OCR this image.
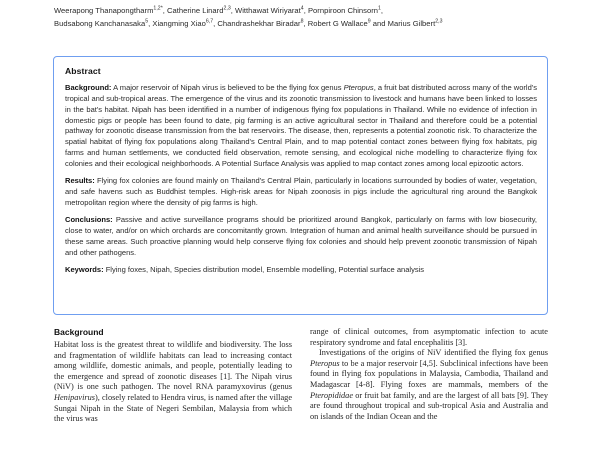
Weerapong Thanapongtharm$^{1,2*}$, Catherine Linard$^{2,3}$, Witthawat Wiriyarat$^4$, Pornpiroon Chinsorn$^1$,
Budsabong Kanchanasaka$^5$, Xiangming Xiao$^{6,7}$, Chandrashekhar Biradar$^8$, Robert G Wallace$^9$ and Marius Gilbert$^{2,3}$
Abstract

Background: A major reservoir of Nipah virus is believed to be the flying fox genus Pteropus, a fruit bat distributed across many of the world's tropical and sub-tropical areas. The emergence of the virus and its zoonotic transmission to livestock and humans have been linked to losses in the bat's habitat. Nipah has been identified in a number of indigenous flying fox populations in Thailand. While no evidence of infection in domestic pigs or people has been found to date, pig farming is an active agricultural sector in Thailand and therefore could be a potential pathway for zoonotic disease transmission from the bat reservoirs. The disease, then, represents a potential zoonotic risk. To characterize the spatial habitat of flying fox populations along Thailand's Central Plain, and to map potential contact zones between flying fox habitats, pig farms and human settlements, we conducted field observation, remote sensing, and ecological niche modelling to characterize flying fox colonies and their ecological neighborhoods. A Potential Surface Analysis was applied to map contact zones among local epizootic actors.

Results: Flying fox colonies are found mainly on Thailand's Central Plain, particularly in locations surrounded by bodies of water, vegetation, and safe havens such as Buddhist temples. High-risk areas for Nipah zoonosis in pigs include the agricultural ring around the Bangkok metropolitan region where the density of pig farms is high.

Conclusions: Passive and active surveillance programs should be prioritized around Bangkok, particularly on farms with low biosecurity, close to water, and/or on which orchards are concomitantly grown. Integration of human and animal health surveillance should be pursued in these same areas. Such proactive planning would help conserve flying fox colonies and should help prevent zoonotic transmission of Nipah and other pathogens.

Keywords: Flying foxes, Nipah, Species distribution model, Ensemble modelling, Potential surface analysis

Background

Habitat loss is the greatest threat to wildlife and biodiversity. The loss and fragmentation of wildlife habitats can lead to increasing contact among wildlife, domestic animals, and people, potentially leading to the emergence and spread of zoonotic diseases [1]. The Nipah virus (NiV) is one such pathogen. The novel RNA paramyxovirus (genus Henipavirus), closely related to Hendra virus, is named after the village Sungai Nipah in the State of Negeri Sembilan, Malaysia from which the virus was

range of clinical outcomes, from asymptomatic infection to acute respiratory syndrome and fatal encephalitis [3].

Investigations of the origins of NiV identified the flying fox genus Pteropus to be a major reservoir [4,5]. Subclinical infections have been found in flying fox populations in Malaysia, Cambodia, Thailand and Madagascar [4-8]. Flying foxes are mammals, members of the Pteropididae or fruit bat family, and are the largest of all bats [9]. They are found throughout tropical and sub-tropical Asia and Australia and on islands of the Indian Ocean and the
